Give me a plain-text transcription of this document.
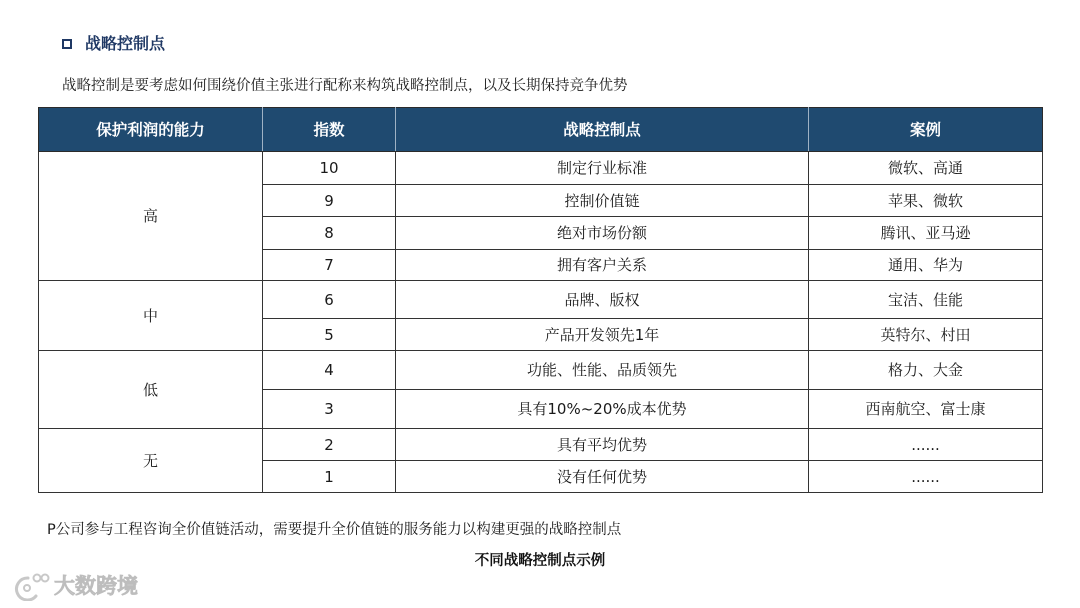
战略控制点
战略控制是要考虑如何围绕价值主张进行配称来构筑战略控制点，以及长期保持竞争优势
保护利润的能力	指数	战略控制点	案例
高	10	制定行业标准	微软、高通
	9	控制价值链	苹果、微软
	8	绝对市场份额	腾讯、亚马逊
	7	拥有客户关系	通用、华为
中	6	品牌、版权	宝洁、佳能
	5	产品开发领先1年	英特尔、村田
低	4	功能、性能、品质领先	格力、大金
	3	具有10%~20%成本优势	西南航空、富士康
无	2	具有平均优势	......
	1	没有任何优势	......
P公司参与工程咨询全价值链活动，需要提升全价值链的服务能力以构建更强的战略控制点
不同战略控制点示例
大数跨境
